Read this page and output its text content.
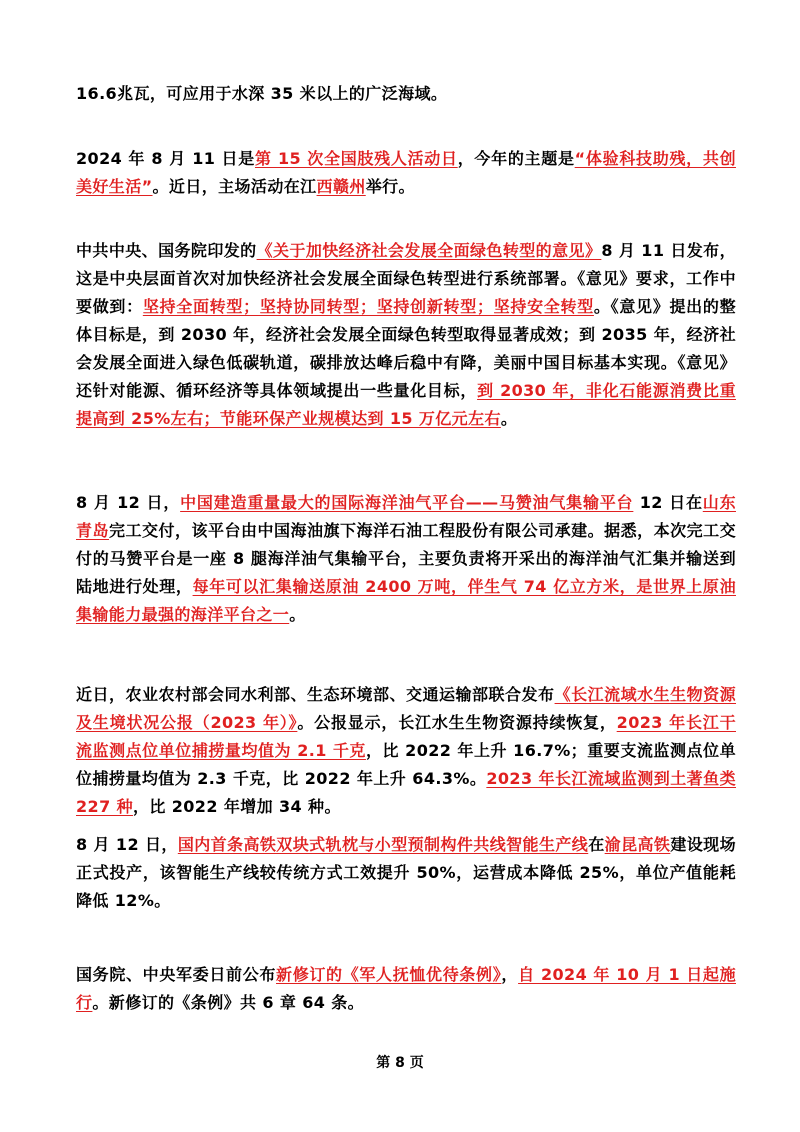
16.6兆瓦，可应用于水深 35 米以上的广泛海域。

2024 年 8 月 11 日是第 15 次全国肢残人活动日，今年的主题是“体验科技助残，共创美好生活”。近日，主场活动在江西赣州举行。

中共中央、国务院印发的《关于加快经济社会发展全面绿色转型的意见》8 月 11 日发布，这是中央层面首次对加快经济社会发展全面绿色转型进行系统部署。《意见》要求，工作中要做到：坚持全面转型；坚持协同转型；坚持创新转型；坚持安全转型。《意见》提出的整体目标是，到 2030 年，经济社会发展全面绿色转型取得显著成效；到 2035 年，经济社会发展全面进入绿色低碳轨道，碳排放达峰后稳中有降，美丽中国目标基本实现。《意见》还针对能源、循环经济等具体领域提出一些量化目标，到 2030 年，非化石能源消费比重提高到 25%左右；节能环保产业规模达到 15 万亿元左右。

8 月 12 日，中国建造重量最大的国际海洋油气平台——马赞油气集输平台 12 日在山东青岛完工交付，该平台由中国海油旗下海洋石油工程股份有限公司承建。据悉，本次完工交付的马赞平台是一座 8 腿海洋油气集输平台，主要负责将开采出的海洋油气汇集并输送到陆地进行处理，每年可以汇集输送原油 2400 万吨，伴生气 74 亿立方米，是世界上原油集输能力最强的海洋平台之一。

近日，农业农村部会同水利部、生态环境部、交通运输部联合发布《长江流域水生生物资源及生境状况公报（2023 年）》。公报显示，长江水生生物资源持续恢复，2023 年长江干流监测点位单位捕捞量均值为 2.1 千克，比 2022 年上升 16.7%；重要支流监测点位单位捕捞量均值为 2.3 千克，比 2022 年上升 64.3%。2023 年长江流域监测到土著鱼类 227 种，比 2022 年增加 34 种。

8 月 12 日，国内首条高铁双块式轨枕与小型预制构件共线智能生产线在渝昆高铁建设现场正式投产，该智能生产线较传统方式工效提升 50%，运营成本降低 25%，单位产值能耗降低 12%。

国务院、中央军委日前公布新修订的《军人抚恤优待条例》，自 2024 年 10 月 1 日起施行。新修订的《条例》共 6 章 64 条。

第 8 页
